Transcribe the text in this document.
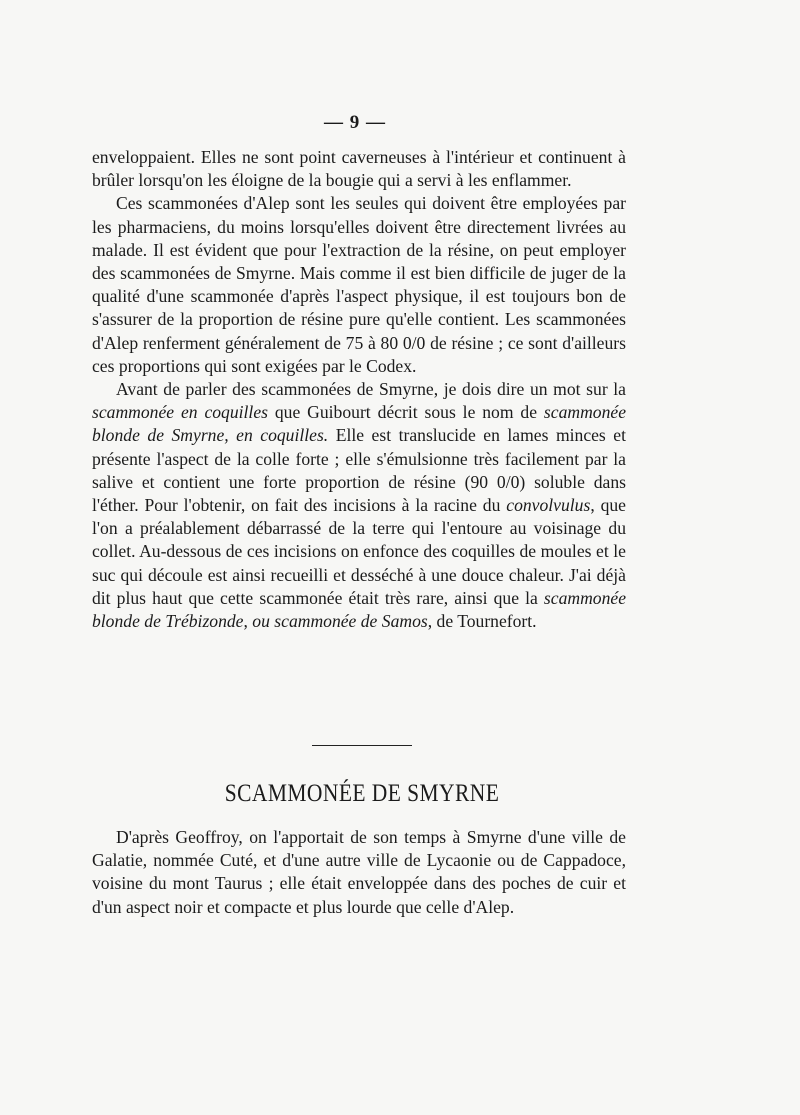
— 9 —

enveloppaient. Elles ne sont point caverneuses à l'intérieur et continuent à brûler lorsqu'on les éloigne de la bougie qui a servi à les enflammer.

Ces scammonées d'Alep sont les seules qui doivent être employées par les pharmaciens, du moins lorsqu'elles doivent être directement livrées au malade. Il est évident que pour l'extraction de la résine, on peut employer des scammonées de Smyrne. Mais comme il est bien difficile de juger de la qualité d'une scammonée d'après l'aspect physique, il est toujours bon de s'assurer de la proportion de résine pure qu'elle contient. Les scammonées d'Alep renferment généralement de 75 à 80 0/0 de résine ; ce sont d'ailleurs ces proportions qui sont exigées par le Codex.

Avant de parler des scammonées de Smyrne, je dois dire un mot sur la scammonée en coquilles que Guibourt décrit sous le nom de scammonée blonde de Smyrne, en coquilles. Elle est translucide en lames minces et présente l'aspect de la colle forte ; elle s'émulsionne très facilement par la salive et contient une forte proportion de résine (90 0/0) soluble dans l'éther. Pour l'obtenir, on fait des incisions à la racine du convolvulus, que l'on a préalablement débarrassé de la terre qui l'entoure au voisinage du collet. Au-dessous de ces incisions on enfonce des coquilles de moules et le suc qui découle est ainsi recueilli et desséché à une douce chaleur. J'ai déjà dit plus haut que cette scammonée était très rare, ainsi que la scammonée blonde de Trébizonde, ou scammonée de Samos, de Tournefort.

SCAMMONÉE DE SMYRNE

D'après Geoffroy, on l'apportait de son temps à Smyrne d'une ville de Galatie, nommée Cuté, et d'une autre ville de Lycaonie ou de Cappadoce, voisine du mont Taurus ; elle était enveloppée dans des poches de cuir et d'un aspect noir et compacte et plus lourde que celle d'Alep.
